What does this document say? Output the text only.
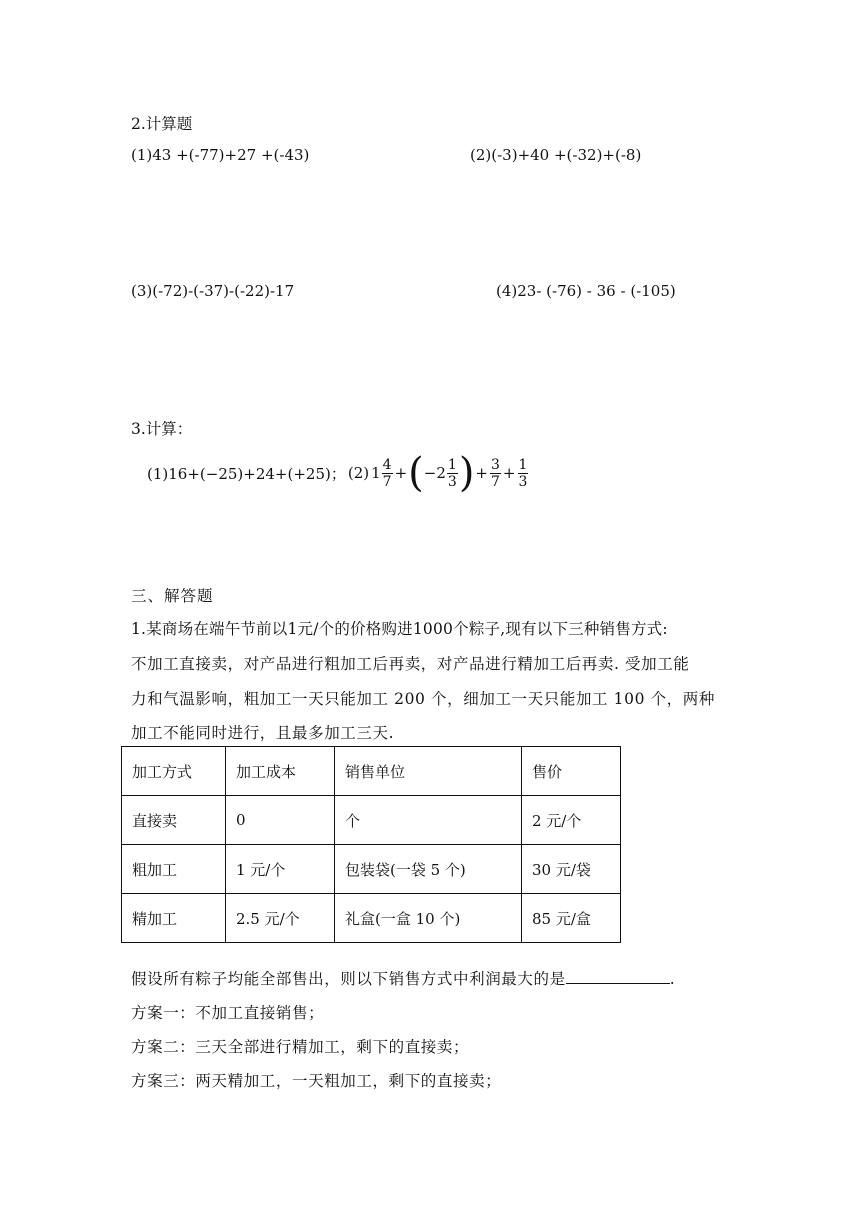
2.计算题
(1)43 +(-77)+27 +(-43)	(2)(-3)+40 +(-32)+(-8)
(3)(-72)-(-37)-(-22)-17	(4)23- (-76) - 36 - (-105)
3.计算：
(1)16+(−25)+24+(+25)； (2) $1 \frac{4}{7}$ + ( $-2 \frac{1}{3}$ ) + $\frac{3}{7} + \frac{1}{3}$
三、解答题
1.某商场在端午节前以1元/个的价格购进1000个粽子,现有以下三种销售方式:
不加工直接卖，对产品进行粗加工后再卖，对产品进行精加工后再卖. 受加工能
力和气温影响，粗加工一天只能加工 200 个，细加工一天只能加工 100 个，两种
加工不能同时进行，且最多加工三天.
加工方式	加工成本	销售单位	售价
直接卖	0	个	2 元/个
粗加工	1 元/个	包装袋(一袋 5 个)	30 元/袋
精加工	2.5 元/个	礼盒(一盒 10 个)	85 元/盒
假设所有粽子均能全部售出，则以下销售方式中利润最大的是	.
方案一：不加工直接销售；
方案二：三天全部进行精加工，剩下的直接卖；
方案三：两天精加工，一天粗加工，剩下的直接卖；
